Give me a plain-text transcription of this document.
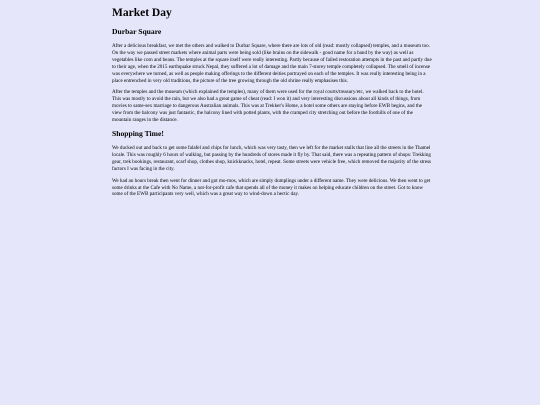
Market Day
Durbar Square

After a delicious breakfast, we met the others and walked to Durbar Square, where there are lots of old (read: mostly collapsed) temples, and a museum too. On the way we passed street markets where animal parts were being sold (like brains on the sidewalk - good name for a band by the way) as well as vegetables like corn and beans. The temples at the square itself were really interesting. Partly because of failed restoration attempts in the past and partly due to their age, when the 2015 earthquake struck Nepal, they suffered a lot of damage and the main 7-storey temple completely collapsed. The smell of incense was everywhere we turned, as well as people making offerings to the different deities portrayed on each of the temples. It was really interesting being in a place entrenched in very old traditions, the picture of the tree growing through the old shrine really emphasises this.

After the temples and the museum (which explained the temples), many of them were used for the royal courts/treasury/etc, we walked back to the hotel. This was mostly to avoid the rain, but we also had a great game of cheat (read: I won it) and very interesting discussions about all kinds of things, from movies to same-sex marriage to dangerous Australian animals. This was at Trekker's Home, a hotel some others are staying before EWB begins, and the view from the balcony was just fantastic, the balcony lined with potted plants, with the cramped city stretching out before the foothills of one of the mountain ranges in the distance.

Shopping Time!

We ducked out and back to get some falafel and chips for lunch, which was very tasty, then we left for the market stalls that line all the streets in the Thamel locale. This was roughly 6 hours of walking, but passing by the hundreds of stores made it fly by. That said, there was a repeating pattern of shops: Trekking gear, trek bookings, restaurant, scarf shop, clothes shop, knickknacks, hotel, repeat. Some streets were vehicle free, which removed the majority of the stress factors I was facing in the city.

We had an hours break then went for dinner and got mo-mos, which are simply dumplings under a different name. They were delicious. We then went to get some drinks at the Cafe with No Name, a not-for-profit cafe that spends all of the money it makes on helping educate children on the street. Got to know some of the EWB participants very well, which was a great way to wind-down a hectic day.
